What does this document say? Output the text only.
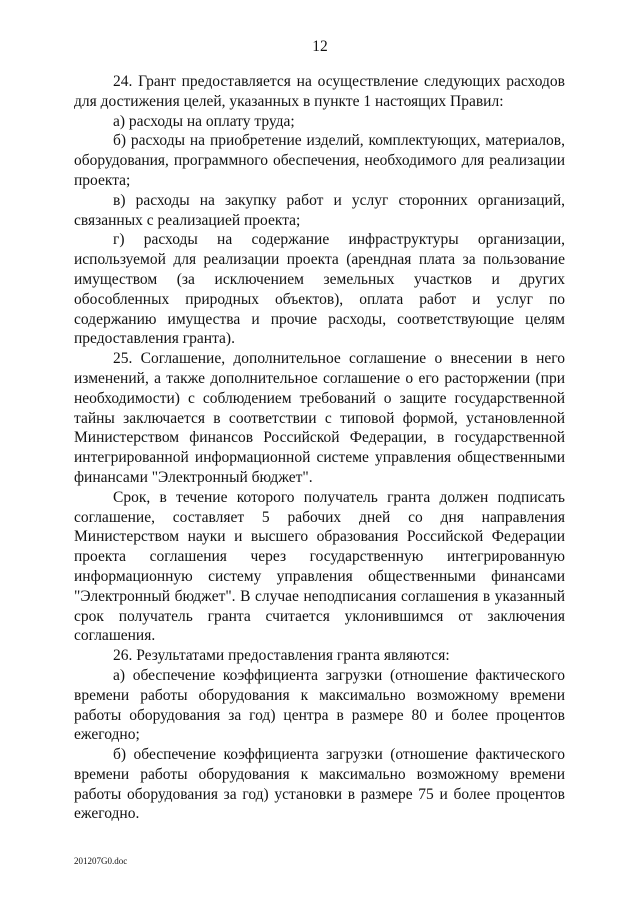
12

24. Грант предоставляется на осуществление следующих расходов для достижения целей, указанных в пункте 1 настоящих Правил:

а) расходы на оплату труда;

б) расходы на приобретение изделий, комплектующих, материалов, оборудования, программного обеспечения, необходимого для реализации проекта;

в) расходы на закупку работ и услуг сторонних организаций, связанных с реализацией проекта;

г) расходы на содержание инфраструктуры организации, используемой для реализации проекта (арендная плата за пользование имуществом (за исключением земельных участков и других обособленных природных объектов), оплата работ и услуг по содержанию имущества и прочие расходы, соответствующие целям предоставления гранта).

25. Соглашение, дополнительное соглашение о внесении в него изменений, а также дополнительное соглашение о его расторжении (при необходимости) с соблюдением требований о защите государственной тайны заключается в соответствии с типовой формой, установленной Министерством финансов Российской Федерации, в государственной интегрированной информационной системе управления общественными финансами "Электронный бюджет".

Срок, в течение которого получатель гранта должен подписать соглашение, составляет 5 рабочих дней со дня направления Министерством науки и высшего образования Российской Федерации проекта соглашения через государственную интегрированную информационную систему управления общественными финансами "Электронный бюджет". В случае неподписания соглашения в указанный срок получатель гранта считается уклонившимся от заключения соглашения.

26. Результатами предоставления гранта являются:

а) обеспечение коэффициента загрузки (отношение фактического времени работы оборудования к максимально возможному времени работы оборудования за год) центра в размере 80 и более процентов ежегодно;

б) обеспечение коэффициента загрузки (отношение фактического времени работы оборудования к максимально возможному времени работы оборудования за год) установки в размере 75 и более процентов ежегодно.

201207G0.doc
